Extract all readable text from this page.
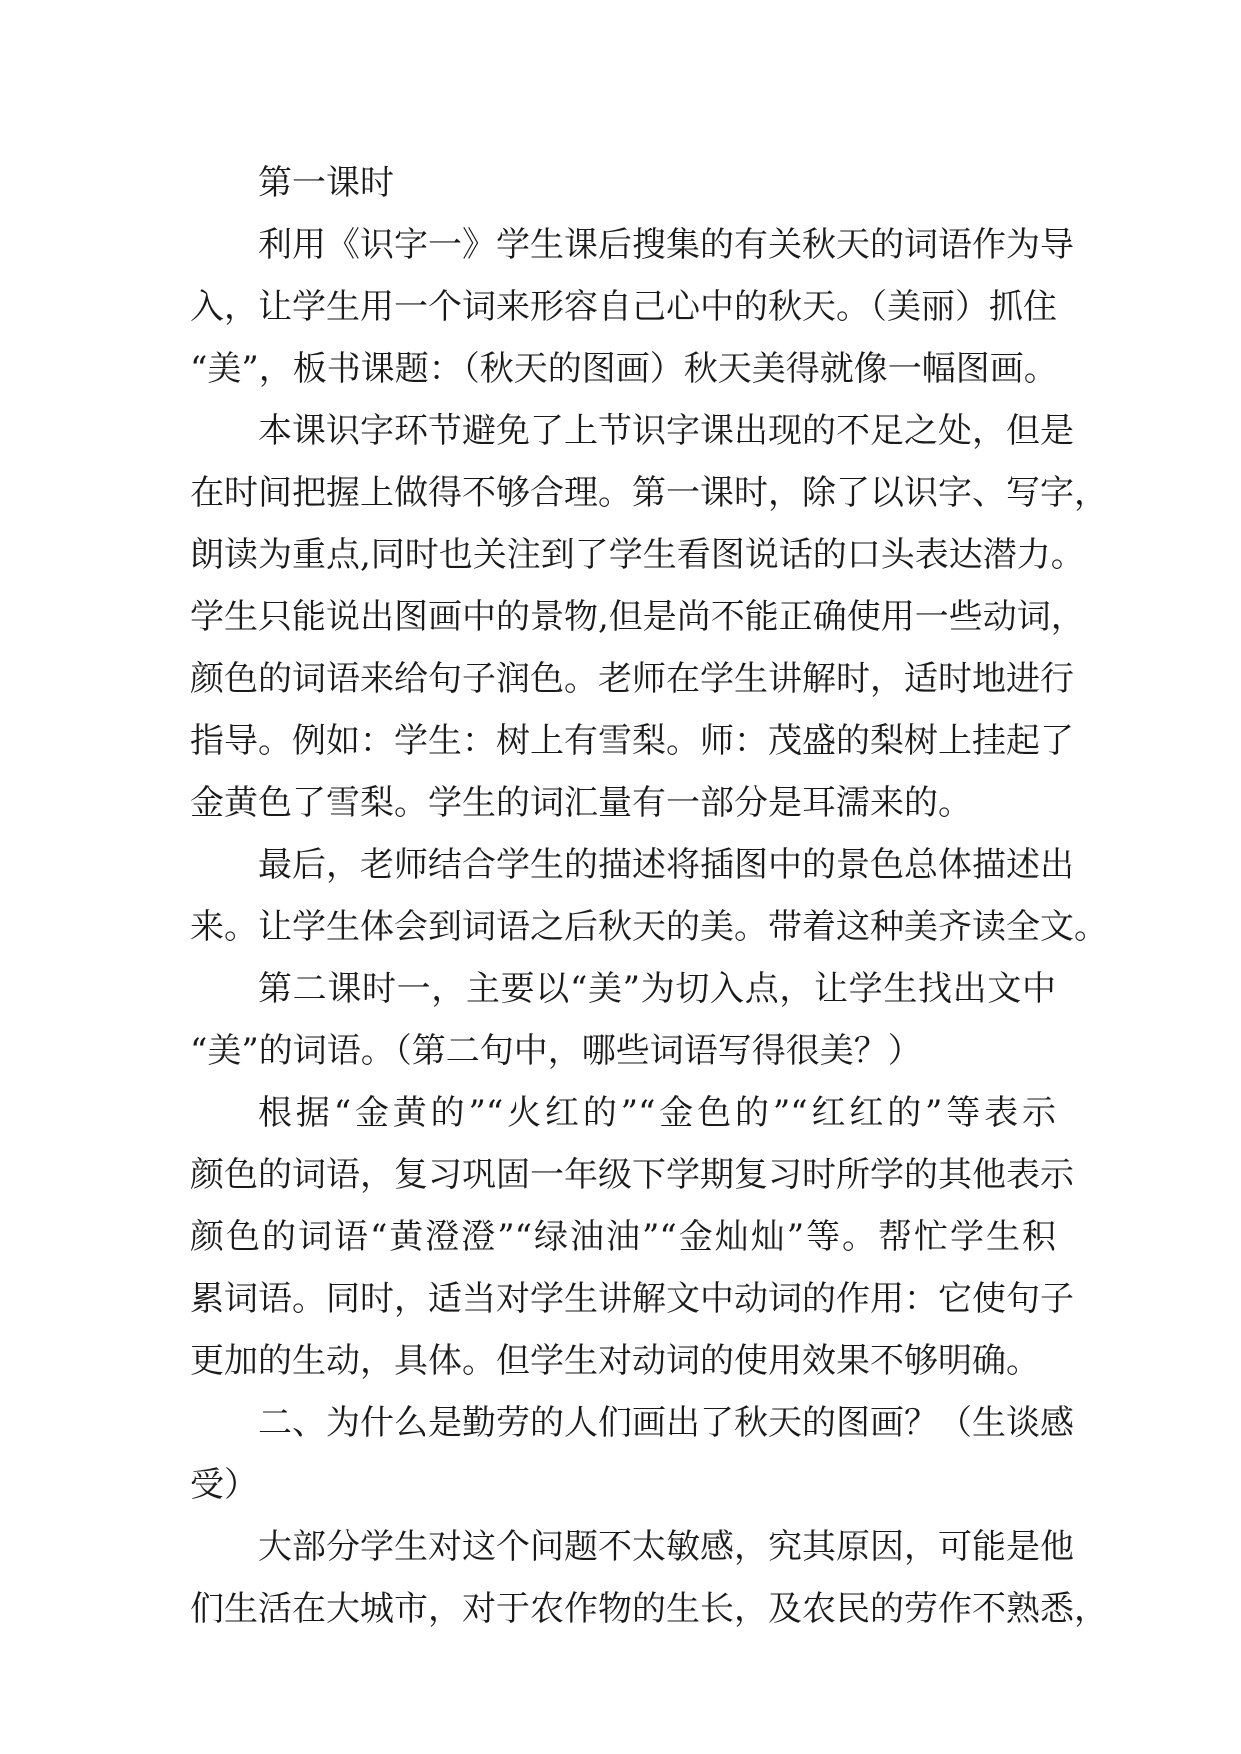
第一课时
利用《识字一》学生课后搜集的有关秋天的词语作为导
入，让学生用一个词来形容自己心中的秋天。（美丽）抓住
“美”，板书课题：（秋天的图画）秋天美得就像一幅图画。
本课识字环节避免了上节识字课出现的不足之处，但是
在时间把握上做得不够合理。第一课时，除了以识字、写字，
朗读为重点,同时也关注到了学生看图说话的口头表达潜力。
学生只能说出图画中的景物,但是尚不能正确使用一些动词，
颜色的词语来给句子润色。老师在学生讲解时，适时地进行
指导。例如：学生：树上有雪梨。师：茂盛的梨树上挂起了
金黄色了雪梨。学生的词汇量有一部分是耳濡来的。
最后，老师结合学生的描述将插图中的景色总体描述出
来。让学生体会到词语之后秋天的美。带着这种美齐读全文。
第二课时一，主要以“美”为切入点，让学生找出文中
“美”的词语。（第二句中，哪些词语写得很美？）
根据“金黄的”“火红的”“金色的”“红红的”等表示
颜色的词语，复习巩固一年级下学期复习时所学的其他表示
颜色的词语“黄澄澄”“绿油油”“金灿灿”等。帮忙学生积
累词语。同时，适当对学生讲解文中动词的作用：它使句子
更加的生动，具体。但学生对动词的使用效果不够明确。
二、为什么是勤劳的人们画出了秋天的图画？（生谈感
受）
大部分学生对这个问题不太敏感，究其原因，可能是他
们生活在大城市，对于农作物的生长，及农民的劳作不熟悉，
